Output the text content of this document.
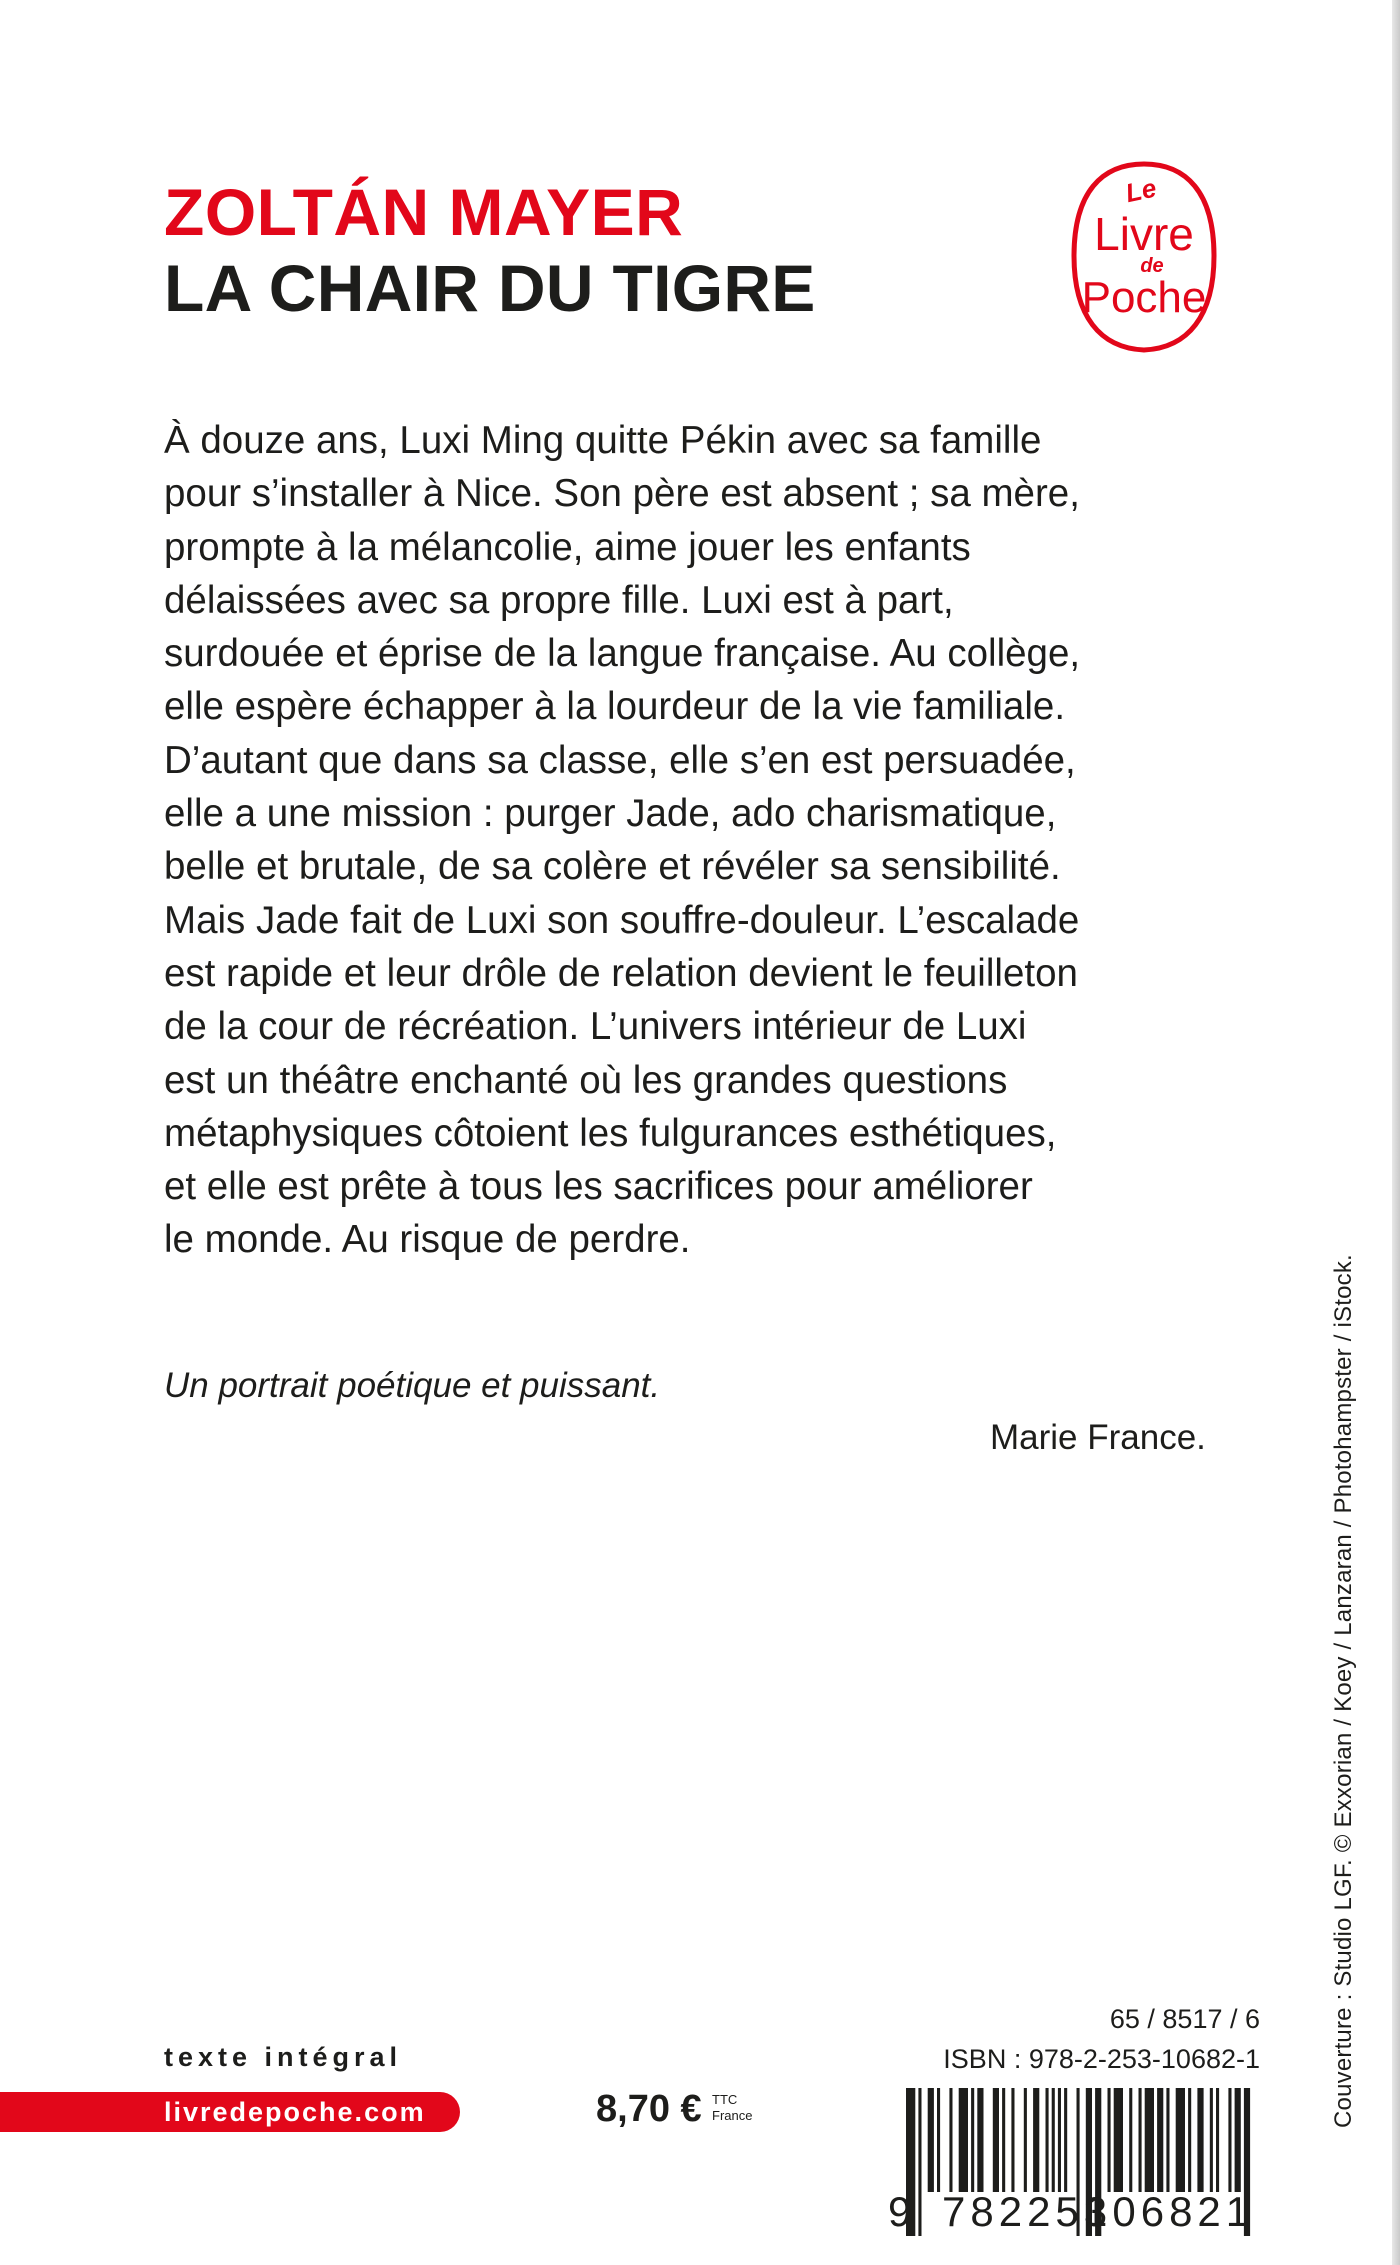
ZOLTÁN MAYER
LA CHAIR DU TIGRE
Le
Livre
de
Poche
À douze ans, Luxi Ming quitte Pékin avec sa famille
pour s’installer à Nice. Son père est absent ; sa mère,
prompte à la mélancolie, aime jouer les enfants
délaissées avec sa propre fille. Luxi est à part,
surdouée et éprise de la langue française. Au collège,
elle espère échapper à la lourdeur de la vie familiale.
D’autant que dans sa classe, elle s’en est persuadée,
elle a une mission : purger Jade, ado charismatique,
belle et brutale, de sa colère et révéler sa sensibilité.
Mais Jade fait de Luxi son souffre-douleur. L’escalade
est rapide et leur drôle de relation devient le feuilleton
de la cour de récréation. L’univers intérieur de Luxi
est un théâtre enchanté où les grandes questions
métaphysiques côtoient les fulgurances esthétiques,
et elle est prête à tous les sacrifices pour améliorer
le monde. Au risque de perdre.
Un portrait poétique et puissant.
Marie France.	Couverture : Studio LGF. © Exxorian / Koey / Lanzaran / Photohampster / iStock.
texte intégral
livredepoche.com	8,70 € TTC
France
65 / 8517 / 6
ISBN : 978-2-253-10682-1
9 782253
106821
